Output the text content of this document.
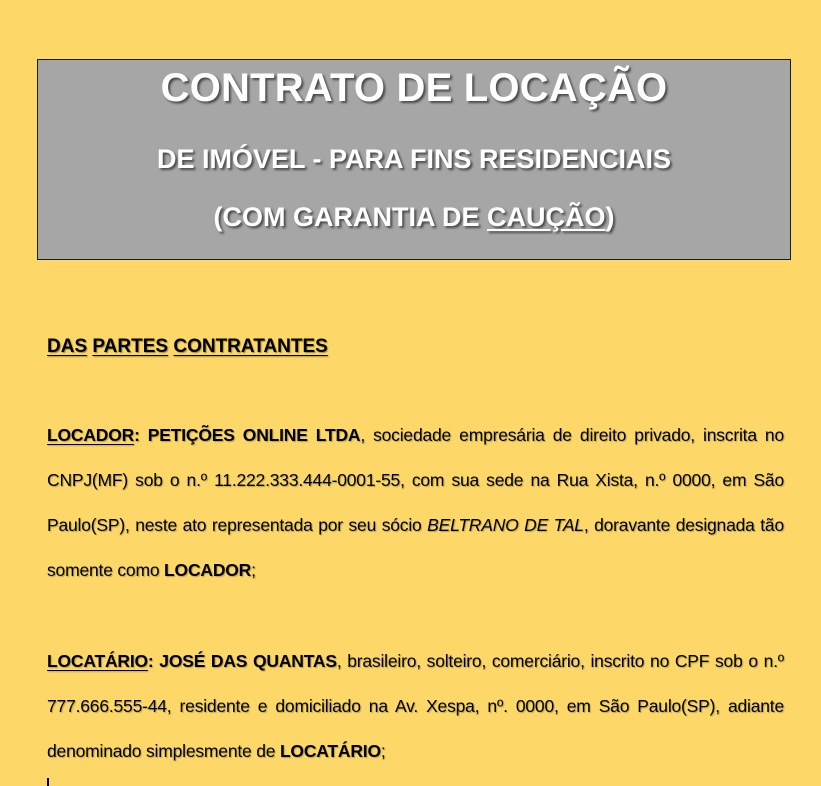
CONTRATO DE LOCAÇÃO
DE IMÓVEL - PARA FINS RESIDENCIAIS
(COM GARANTIA DE CAUÇÃO)
DAS PARTES CONTRATANTES
LOCADOR: PETIÇÕES ONLINE LTDA, sociedade empresária de direito privado, inscrita no CNPJ(MF) sob o n.º 11.222.333.444-0001-55, com sua sede na Rua Xista, n.º 0000, em São Paulo(SP), neste ato representada por seu sócio BELTRANO DE TAL, doravante designada tão somente como LOCADOR;
LOCATÁRIO: JOSÉ DAS QUANTAS, brasileiro, solteiro, comerciário, inscrito no CPF sob o n.º 777.666.555-44, residente e domiciliado na Av. Xespa, nº. 0000, em São Paulo(SP), adiante denominado simplesmente de LOCATÁRIO;
